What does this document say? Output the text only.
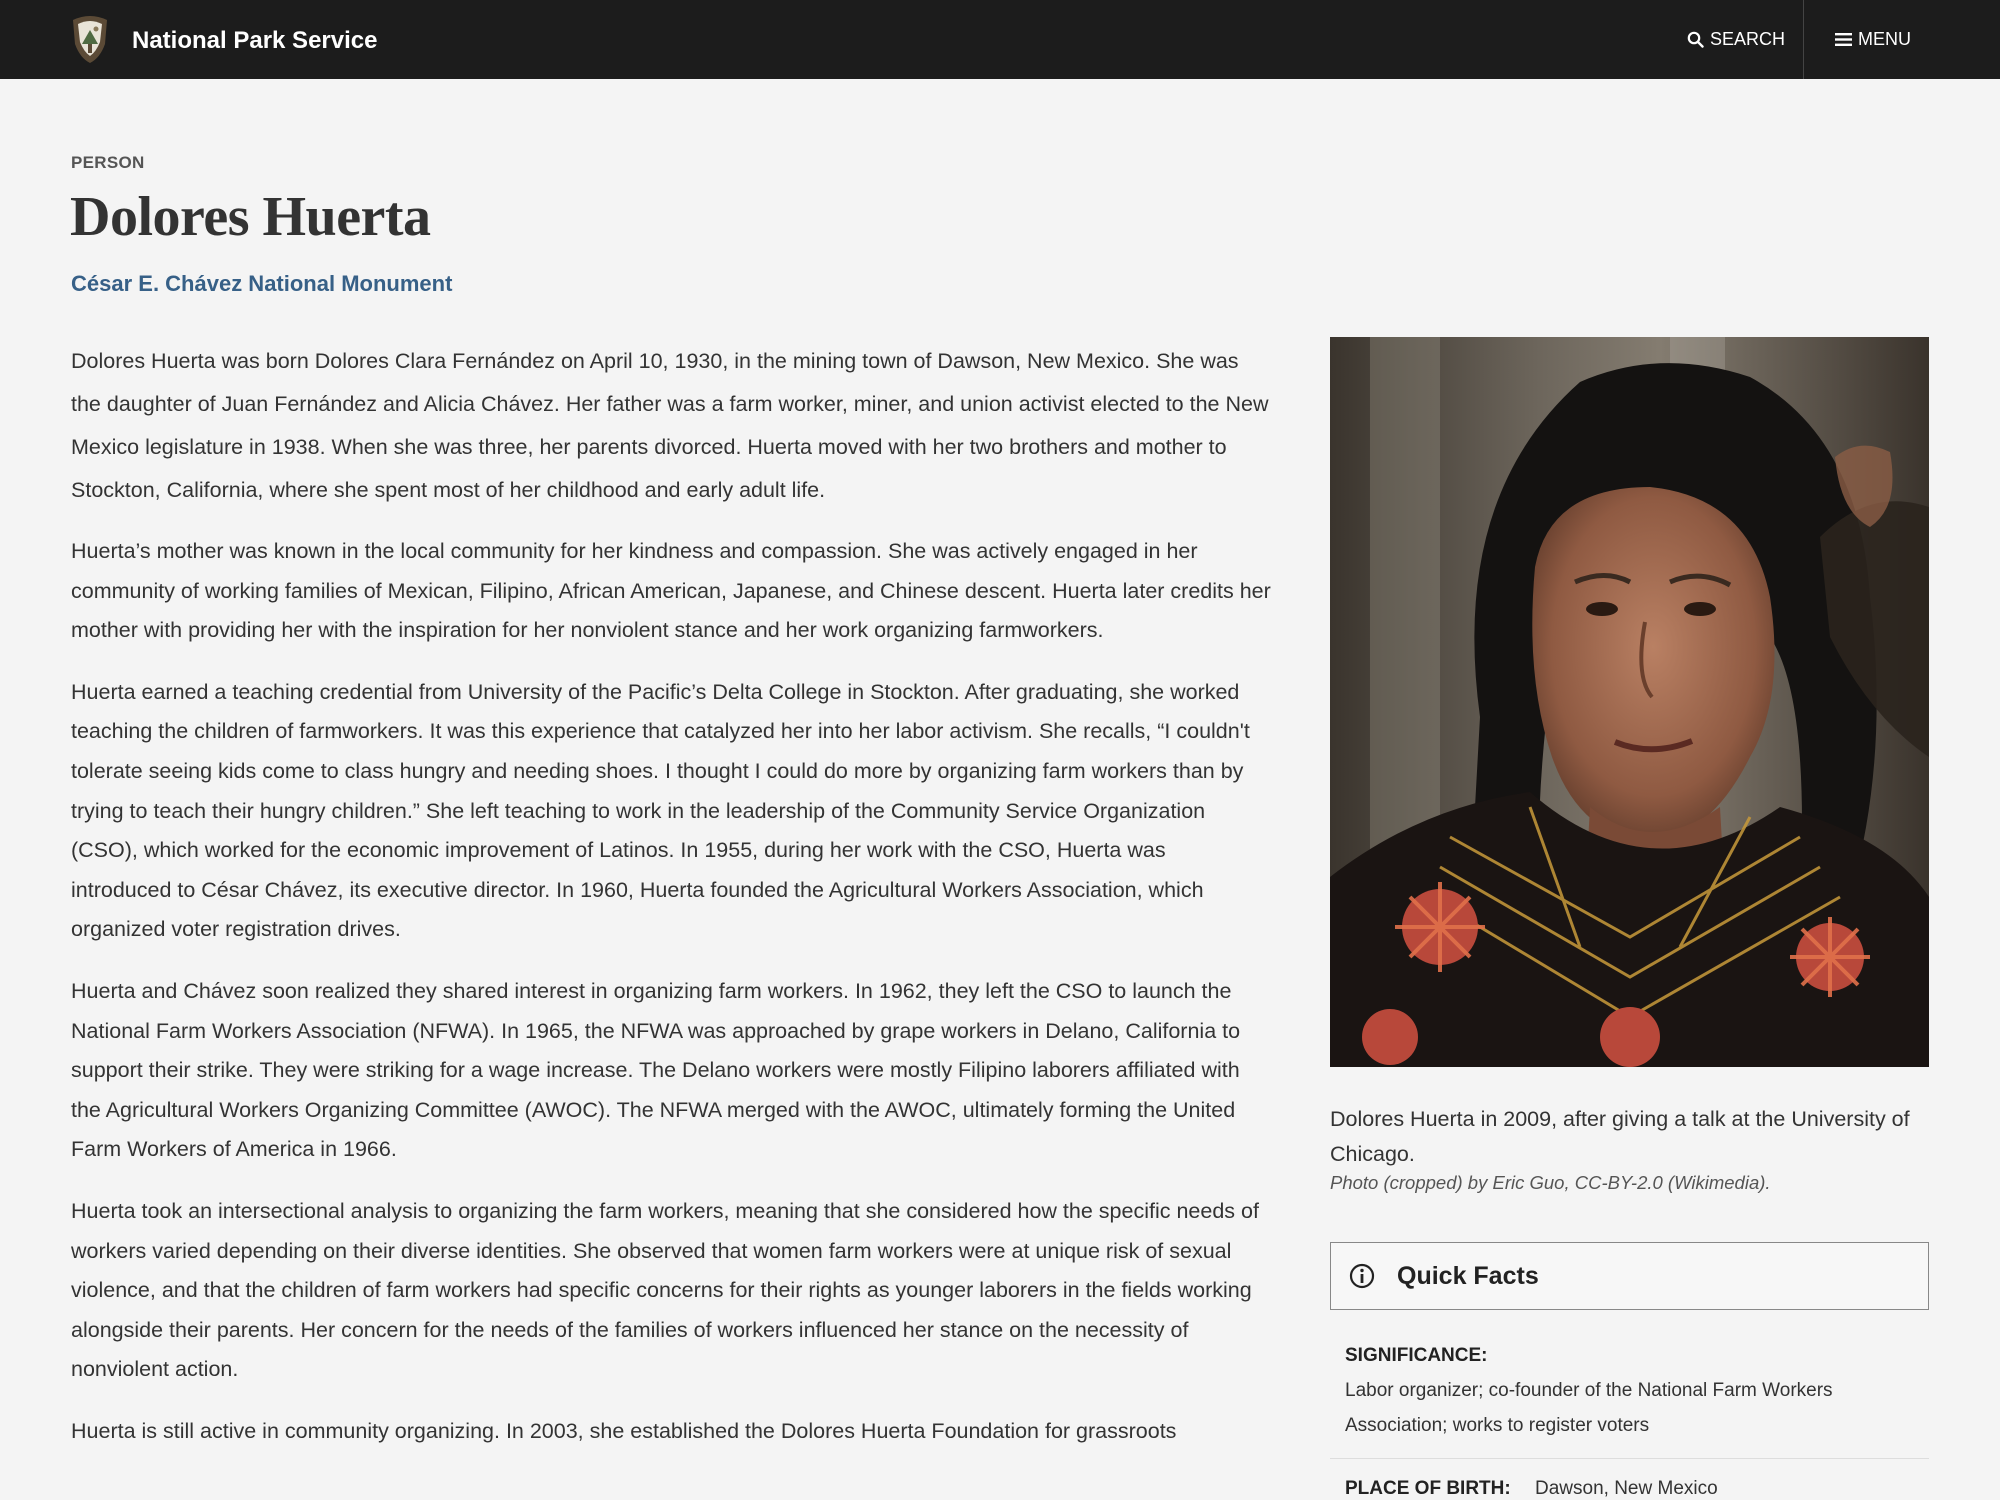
National Park Service	SEARCH	MENU
PERSON
Dolores Huerta
César E. Chávez National Monument

Dolores Huerta was born Dolores Clara Fernández on April 10, 1930, in the mining town of Dawson, New Mexico. She was the daughter of Juan Fernández and Alicia Chávez. Her father was a farm worker, miner, and union activist elected to the New Mexico legislature in 1938. When she was three, her parents divorced. Huerta moved with her two brothers and mother to Stockton, California, where she spent most of her childhood and early adult life.

Huerta’s mother was known in the local community for her kindness and compassion. She was actively engaged in her community of working families of Mexican, Filipino, African American, Japanese, and Chinese descent. Huerta later credits her mother with providing her with the inspiration for her nonviolent stance and her work organizing farmworkers.

Huerta earned a teaching credential from University of the Pacific’s Delta College in Stockton. After graduating, she worked teaching the children of farmworkers. It was this experience that catalyzed her into her labor activism. She recalls, “I couldn't tolerate seeing kids come to class hungry and needing shoes. I thought I could do more by organizing farm workers than by trying to teach their hungry children.” She left teaching to work in the leadership of the Community Service Organization (CSO), which worked for the economic improvement of Latinos. In 1955, during her work with the CSO, Huerta was introduced to César Chávez, its executive director. In 1960, Huerta founded the Agricultural Workers Association, which organized voter registration drives.

Huerta and Chávez soon realized they shared interest in organizing farm workers. In 1962, they left the CSO to launch the National Farm Workers Association (NFWA). In 1965, the NFWA was approached by grape workers in Delano, California to support their strike. They were striking for a wage increase. The Delano workers were mostly Filipino laborers affiliated with the Agricultural Workers Organizing Committee (AWOC). The NFWA merged with the AWOC, ultimately forming the United Farm Workers of America in 1966.

Huerta took an intersectional analysis to organizing the farm workers, meaning that she considered how the specific needs of workers varied depending on their diverse identities. She observed that women farm workers were at unique risk of sexual violence, and that the children of farm workers had specific concerns for their rights as younger laborers in the fields working alongside their parents. Her concern for the needs of the families of workers influenced her stance on the necessity of nonviolent action.

Huerta is still active in community organizing. In 2003, she established the Dolores Huerta Foundation for grassroots

Dolores Huerta in 2009, after giving a talk at the University of Chicago.
Photo (cropped) by Eric Guo, CC-BY-2.0 (Wikimedia).
Quick Facts
SIGNIFICANCE:
Labor organizer; co-founder of the National Farm Workers Association; works to register voters
PLACE OF BIRTH: Dawson, New Mexico
